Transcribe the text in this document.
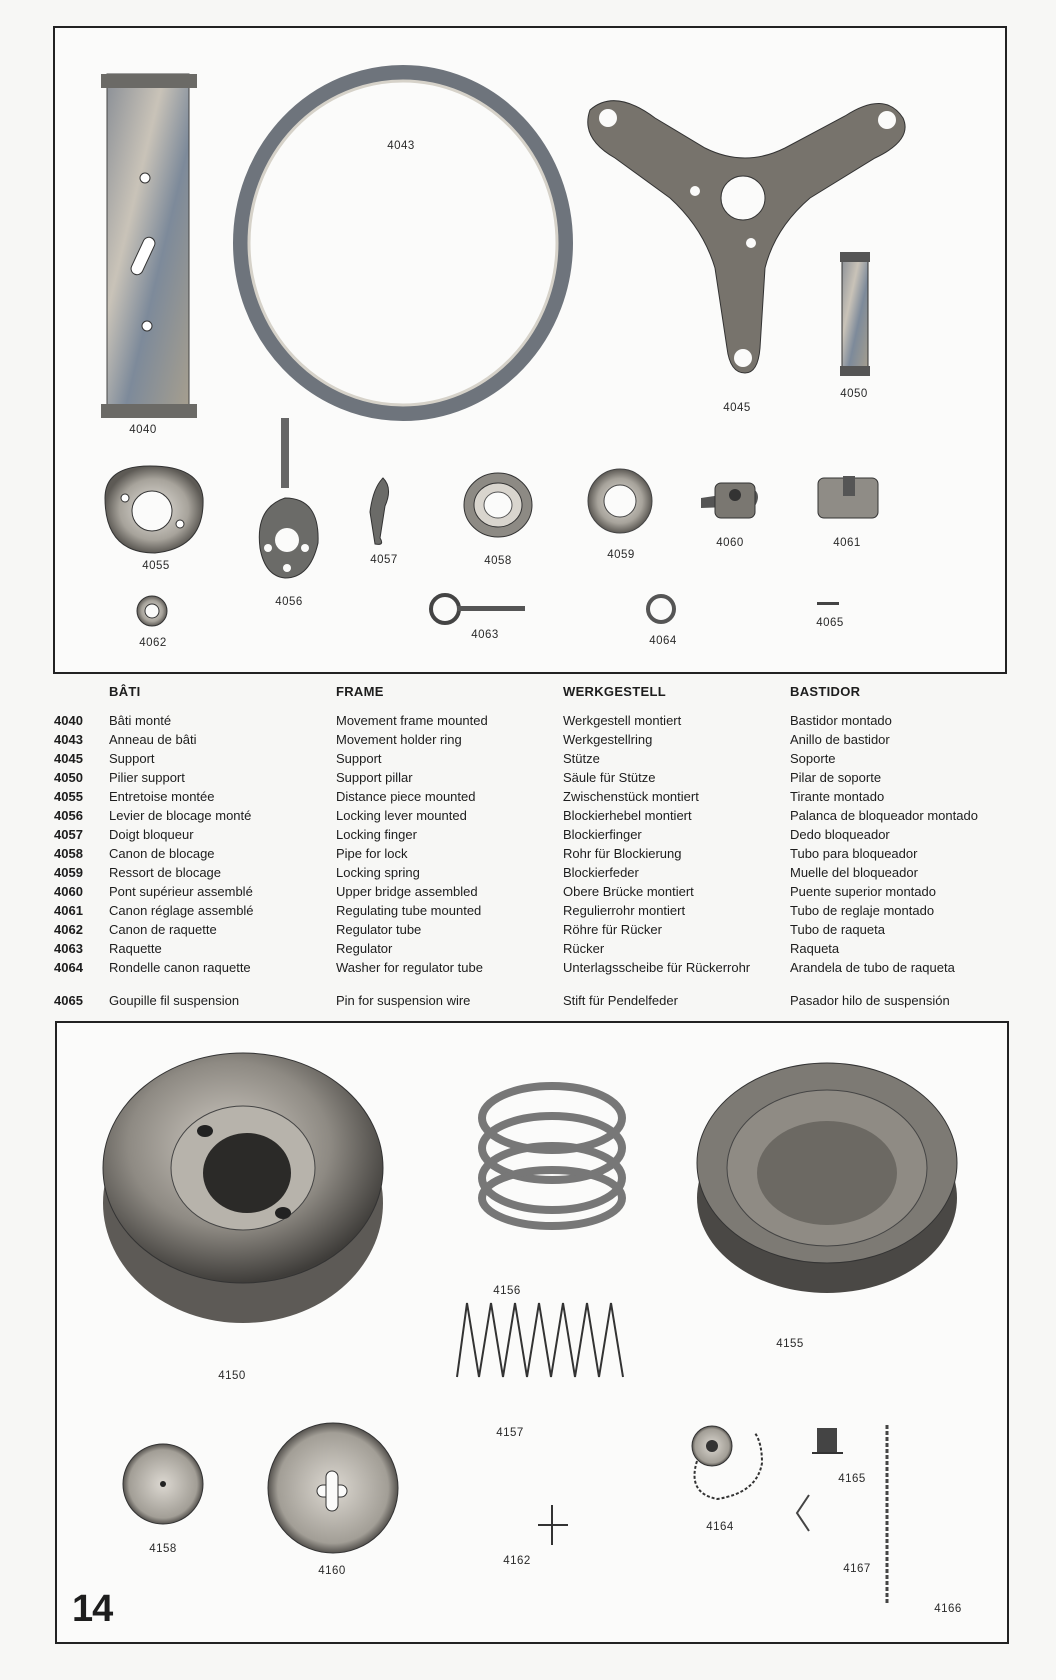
4040
4043
4045
4050
4055
4056
4057	4058	4059
4060	4061
4062
4063	4064
4065
BÂTI	FRAME	WERKGESTELL	BASTIDOR
4040 Bâti monté	Movement frame mounted	Werkgestell montiert	Bastidor montado
4043 Anneau de bâti	Movement holder ring	Werkgestellring	Anillo de bastidor
4045 Support	Support	Stütze	Soporte
4050 Pilier support	Support pillar	Säule für Stütze	Pilar de soporte
4055 Entretoise montée	Distance piece mounted	Zwischenstück montiert	Tirante montado
4056 Levier de blocage monté	Locking lever mounted	Blockierhebel montiert	Palanca de bloqueador montado
4057 Doigt bloqueur	Locking finger	Blockierfinger	Dedo bloqueador
4058 Canon de blocage	Pipe for lock	Rohr für Blockierung	Tubo para bloqueador
4059 Ressort de blocage	Locking spring	Blockierfeder	Muelle del bloqueador
4060 Pont supérieur assemblé	Upper bridge assembled	Obere Brücke montiert	Puente superior montado
4061 Canon réglage assemblé	Regulating tube mounted	Regulierrohr montiert	Tubo de reglaje montado
4062 Canon de raquette	Regulator tube	Röhre für Rücker	Tubo de raqueta
4063 Raquette	Regulator	Rücker	Raqueta
4064 Rondelle canon raquette	Washer for regulator tube	Unterlagsscheibe für Rückerrohr	Arandela de tubo de raqueta
4065 Goupille fil suspension	Pin for suspension wire	Stift für Pendelfeder	Pasador hilo de suspensión
4150
4155
4156
4157
4158
4160
4162
4164
4165
4166
4167
14
